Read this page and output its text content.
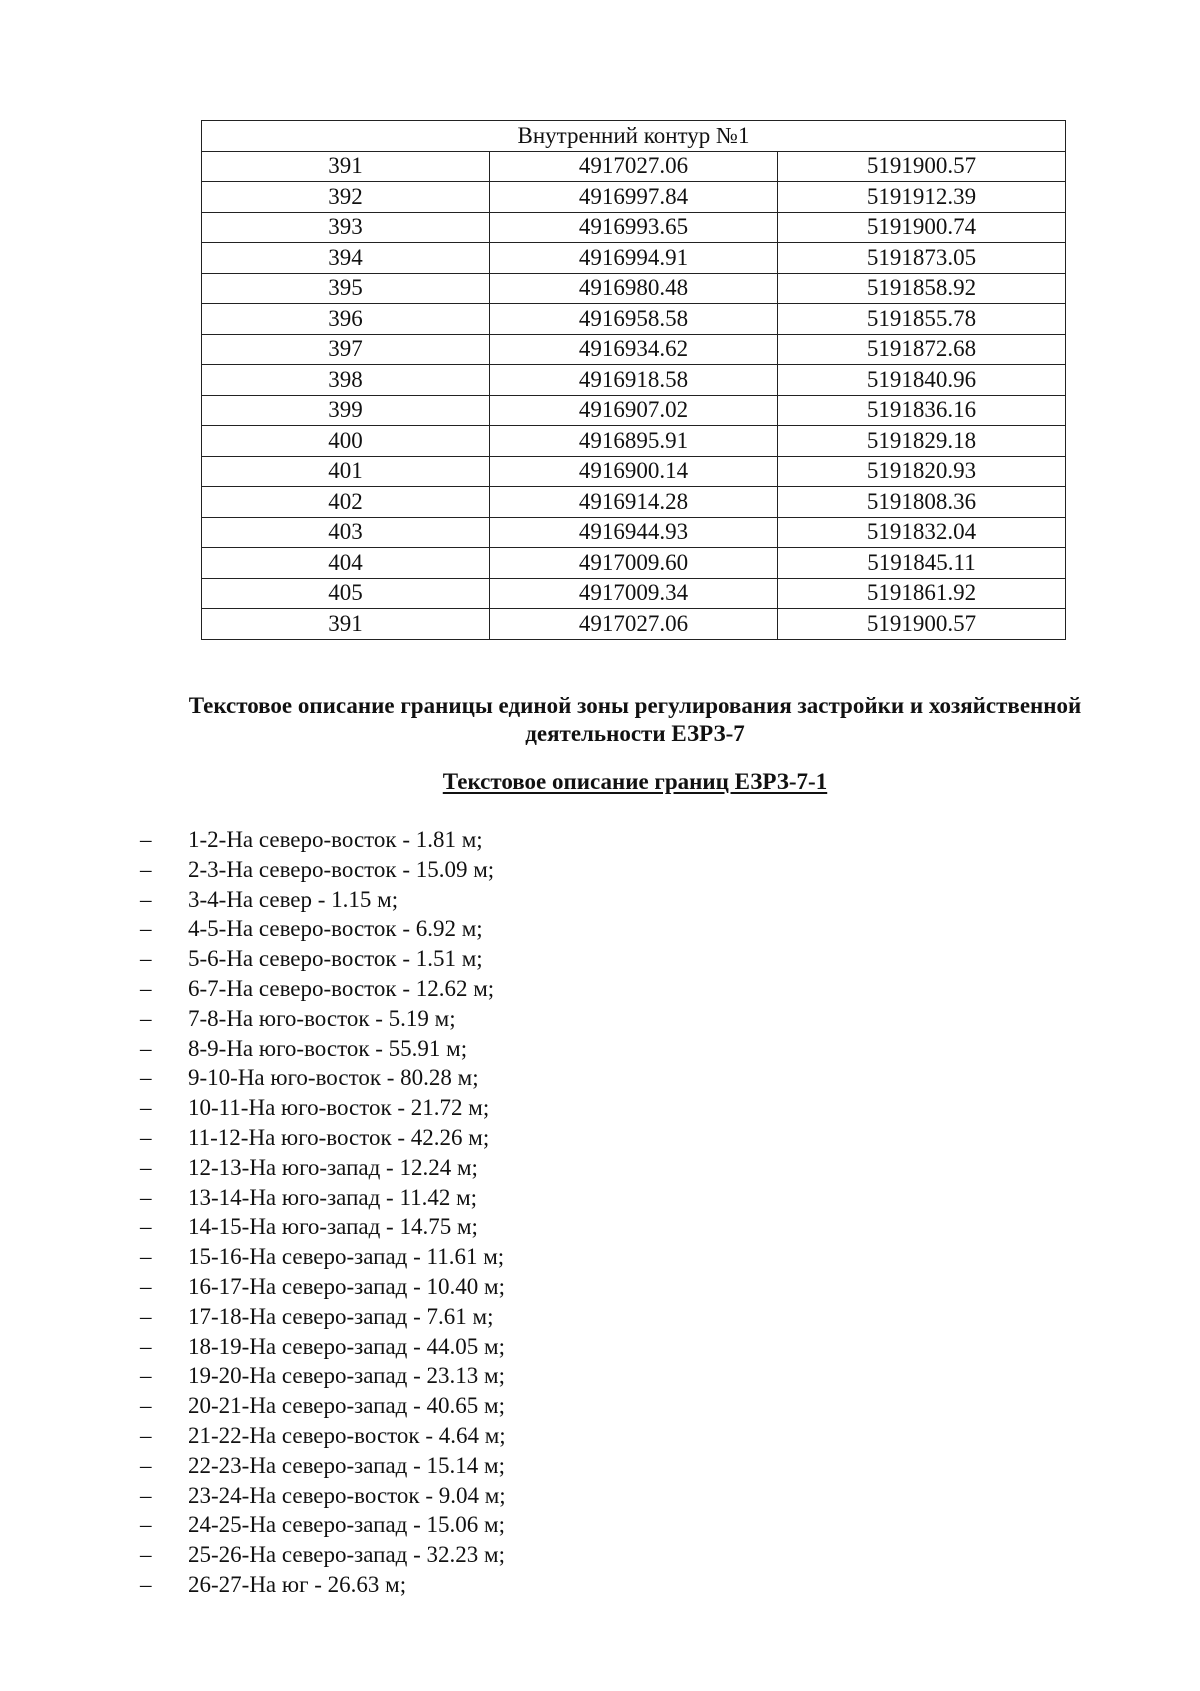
Внутренний контур №1		
391	4917027.06	5191900.57
392	4916997.84	5191912.39
393	4916993.65	5191900.74
394	4916994.91	5191873.05
395	4916980.48	5191858.92
396	4916958.58	5191855.78
397	4916934.62	5191872.68
398	4916918.58	5191840.96
399	4916907.02	5191836.16
400	4916895.91	5191829.18
401	4916900.14	5191820.93
402	4916914.28	5191808.36
403	4916944.93	5191832.04
404	4917009.60	5191845.11
405	4917009.34	5191861.92
391	4917027.06	5191900.57
Текстовое описание границы единой зоны регулирования застройки и хозяйственной
деятельности ЕЗРЗ-7
Текстовое описание границ ЕЗРЗ-7-1
– 1-2-На северо-восток - 1.81 м;
– 2-3-На северо-восток - 15.09 м;
– 3-4-На север - 1.15 м;
– 4-5-На северо-восток - 6.92 м;
– 5-6-На северо-восток - 1.51 м;
– 6-7-На северо-восток - 12.62 м;
– 7-8-На юго-восток - 5.19 м;
– 8-9-На юго-восток - 55.91 м;
– 9-10-На юго-восток - 80.28 м;
– 10-11-На юго-восток - 21.72 м;
– 11-12-На юго-восток - 42.26 м;
– 12-13-На юго-запад - 12.24 м;
– 13-14-На юго-запад - 11.42 м;
– 14-15-На юго-запад - 14.75 м;
– 15-16-На северо-запад - 11.61 м;
– 16-17-На северо-запад - 10.40 м;
– 17-18-На северо-запад - 7.61 м;
– 18-19-На северо-запад - 44.05 м;
– 19-20-На северо-запад - 23.13 м;
– 20-21-На северо-запад - 40.65 м;
– 21-22-На северо-восток - 4.64 м;
– 22-23-На северо-запад - 15.14 м;
– 23-24-На северо-восток - 9.04 м;
– 24-25-На северо-запад - 15.06 м;
– 25-26-На северо-запад - 32.23 м;
– 26-27-На юг - 26.63 м;
